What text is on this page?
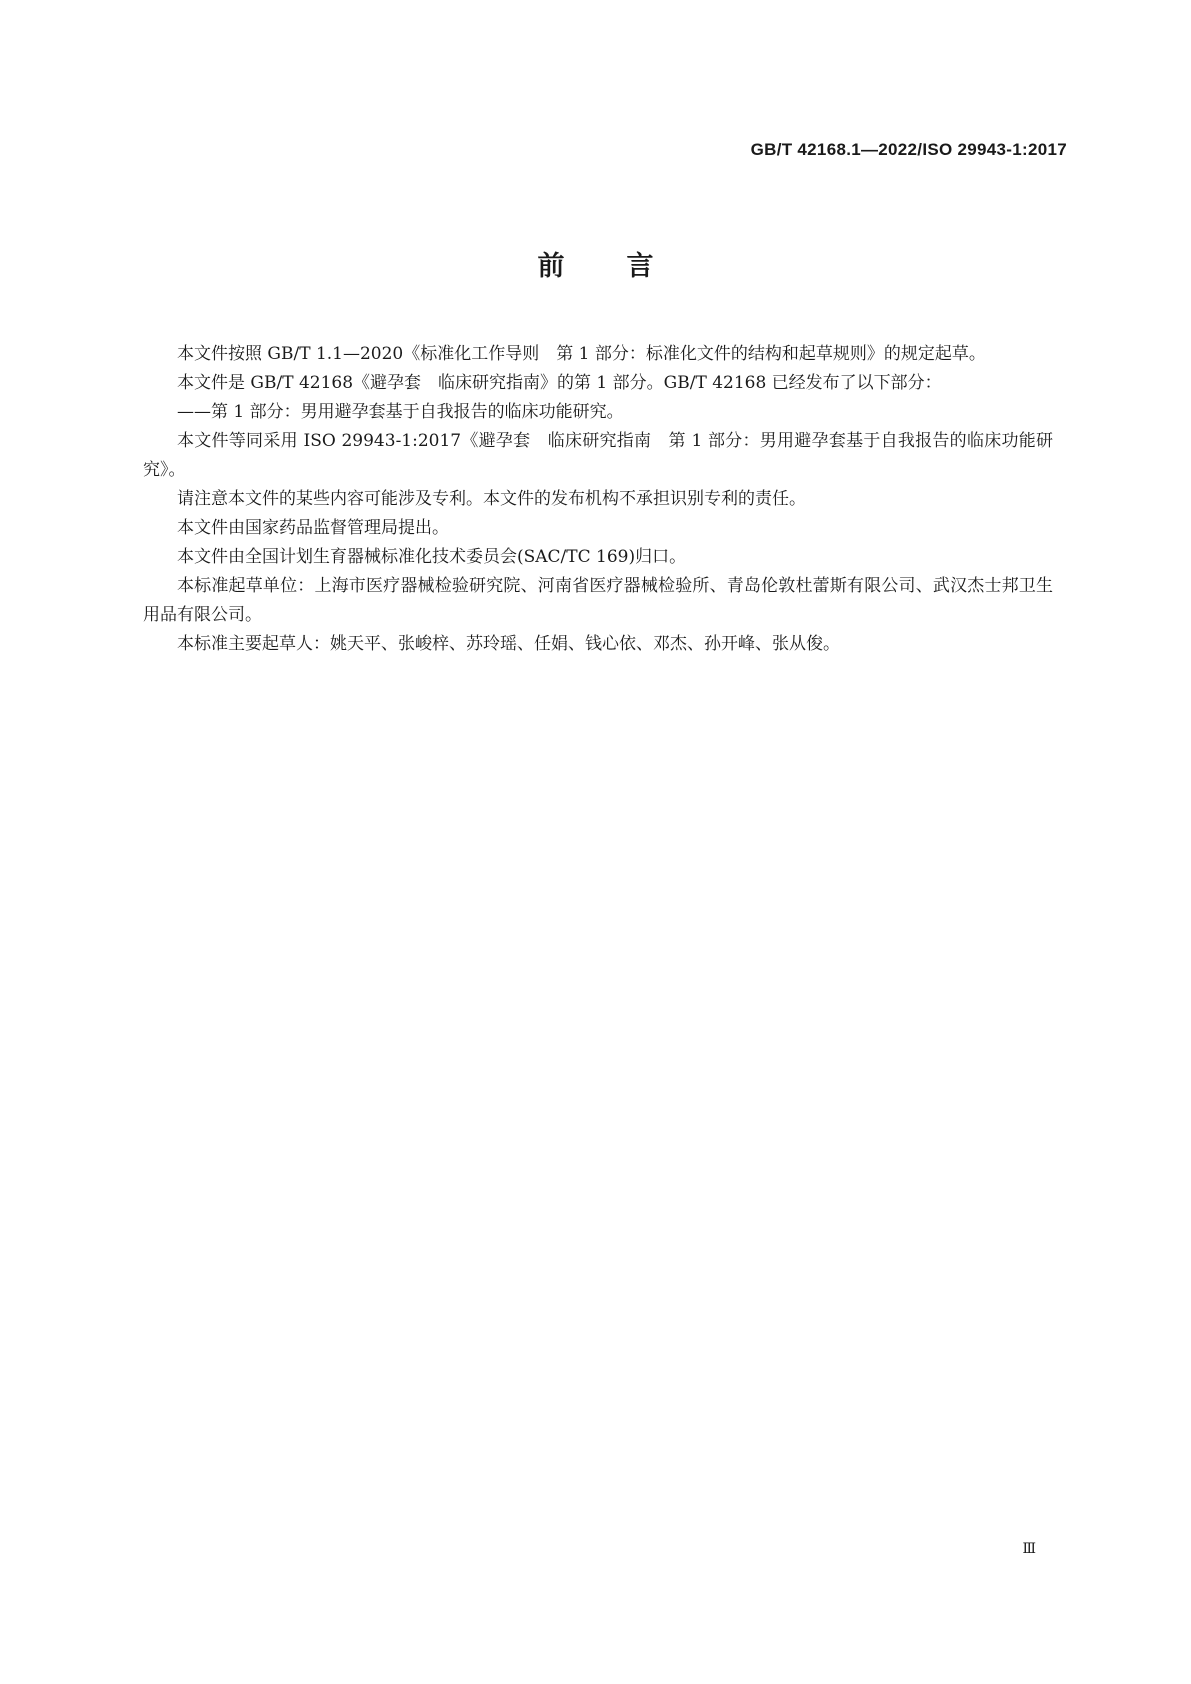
GB/T 42168.1—2022/ISO 29943-1:2017
前 言

本文件按照 GB/T 1.1—2020《标准化工作导则　第 1 部分：标准化文件的结构和起草规则》的规定起草。

本文件是 GB/T 42168《避孕套　临床研究指南》的第 1 部分。GB/T 42168 已经发布了以下部分：

——第 1 部分：男用避孕套基于自我报告的临床功能研究。

本文件等同采用 ISO 29943-1:2017《避孕套　临床研究指南　第 1 部分：男用避孕套基于自我报告的临床功能研究》。

请注意本文件的某些内容可能涉及专利。本文件的发布机构不承担识别专利的责任。

本文件由国家药品监督管理局提出。

本文件由全国计划生育器械标准化技术委员会(SAC/TC 169)归口。

本标准起草单位：上海市医疗器械检验研究院、河南省医疗器械检验所、青岛伦敦杜蕾斯有限公司、武汉杰士邦卫生用品有限公司。

本标准主要起草人：姚天平、张峻梓、苏玲瑶、任娟、钱心依、邓杰、孙开峰、张从俊。

Ⅲ
